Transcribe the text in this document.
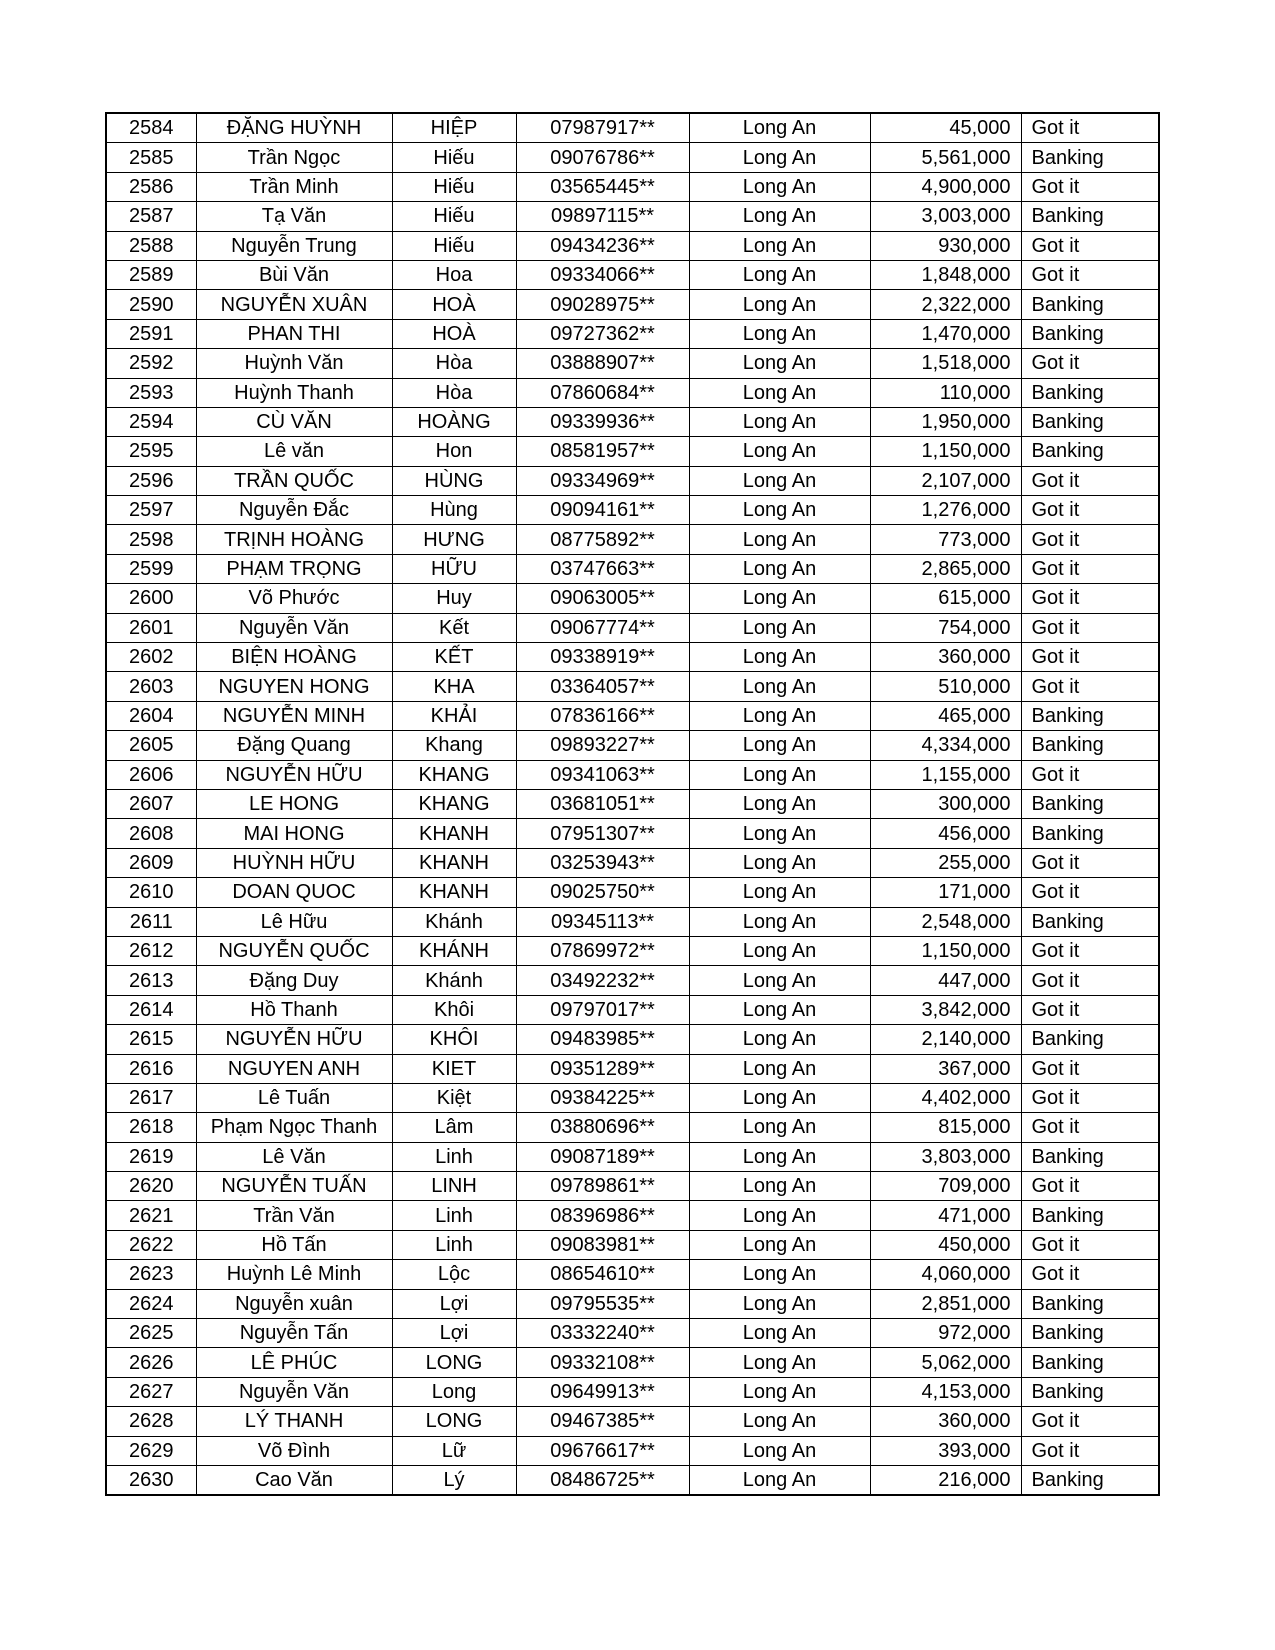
2584	ĐẶNG HUỲNH	HIỆP	07987917**	Long An	45,000	Got it
2585	Trần Ngọc	Hiếu	09076786**	Long An	5,561,000	Banking
2586	Trần Minh	Hiếu	03565445**	Long An	4,900,000	Got it
2587	Tạ Văn	Hiếu	09897115**	Long An	3,003,000	Banking
2588	Nguyễn Trung	Hiếu	09434236**	Long An	930,000	Got it
2589	Bùi Văn	Hoa	09334066**	Long An	1,848,000	Got it
2590	NGUYỄN XUÂN	HOÀ	09028975**	Long An	2,322,000	Banking
2591	PHAN THI	HOÀ	09727362**	Long An	1,470,000	Banking
2592	Huỳnh Văn	Hòa	03888907**	Long An	1,518,000	Got it
2593	Huỳnh Thanh	Hòa	07860684**	Long An	110,000	Banking
2594	CÙ VĂN	HOÀNG	09339936**	Long An	1,950,000	Banking
2595	Lê văn	Hon	08581957**	Long An	1,150,000	Banking
2596	TRẦN QUỐC	HÙNG	09334969**	Long An	2,107,000	Got it
2597	Nguyễn Đắc	Hùng	09094161**	Long An	1,276,000	Got it
2598	TRỊNH HOÀNG	HƯNG	08775892**	Long An	773,000	Got it
2599	PHẠM TRỌNG	HỮU	03747663**	Long An	2,865,000	Got it
2600	Võ Phước	Huy	09063005**	Long An	615,000	Got it
2601	Nguyễn Văn	Kết	09067774**	Long An	754,000	Got it
2602	BIỆN HOÀNG	KẾT	09338919**	Long An	360,000	Got it
2603	NGUYEN HONG	KHA	03364057**	Long An	510,000	Got it
2604	NGUYỄN MINH	KHẢI	07836166**	Long An	465,000	Banking
2605	Đặng Quang	Khang	09893227**	Long An	4,334,000	Banking
2606	NGUYỄN HỮU	KHANG	09341063**	Long An	1,155,000	Got it
2607	LE HONG	KHANG	03681051**	Long An	300,000	Banking
2608	MAI HONG	KHANH	07951307**	Long An	456,000	Banking
2609	HUỲNH HỮU	KHANH	03253943**	Long An	255,000	Got it
2610	DOAN QUOC	KHANH	09025750**	Long An	171,000	Got it
2611	Lê Hữu	Khánh	09345113**	Long An	2,548,000	Banking
2612	NGUYỄN QUỐC	KHÁNH	07869972**	Long An	1,150,000	Got it
2613	Đặng Duy	Khánh	03492232**	Long An	447,000	Got it
2614	Hồ Thanh	Khôi	09797017**	Long An	3,842,000	Got it
2615	NGUYỄN HỮU	KHÔI	09483985**	Long An	2,140,000	Banking
2616	NGUYEN ANH	KIET	09351289**	Long An	367,000	Got it
2617	Lê Tuấn	Kiệt	09384225**	Long An	4,402,000	Got it
2618	Phạm Ngọc Thanh	Lâm	03880696**	Long An	815,000	Got it
2619	Lê Văn	Linh	09087189**	Long An	3,803,000	Banking
2620	NGUYỄN TUẤN	LINH	09789861**	Long An	709,000	Got it
2621	Trần Văn	Linh	08396986**	Long An	471,000	Banking
2622	Hồ Tấn	Linh	09083981**	Long An	450,000	Got it
2623	Huỳnh Lê Minh	Lộc	08654610**	Long An	4,060,000	Got it
2624	Nguyễn xuân	Lợi	09795535**	Long An	2,851,000	Banking
2625	Nguyễn Tấn	Lợi	03332240**	Long An	972,000	Banking
2626	LÊ PHÚC	LONG	09332108**	Long An	5,062,000	Banking
2627	Nguyễn Văn	Long	09649913**	Long An	4,153,000	Banking
2628	LÝ THANH	LONG	09467385**	Long An	360,000	Got it
2629	Võ Đình	Lữ	09676617**	Long An	393,000	Got it
2630	Cao Văn	Lý	08486725**	Long An	216,000	Banking
